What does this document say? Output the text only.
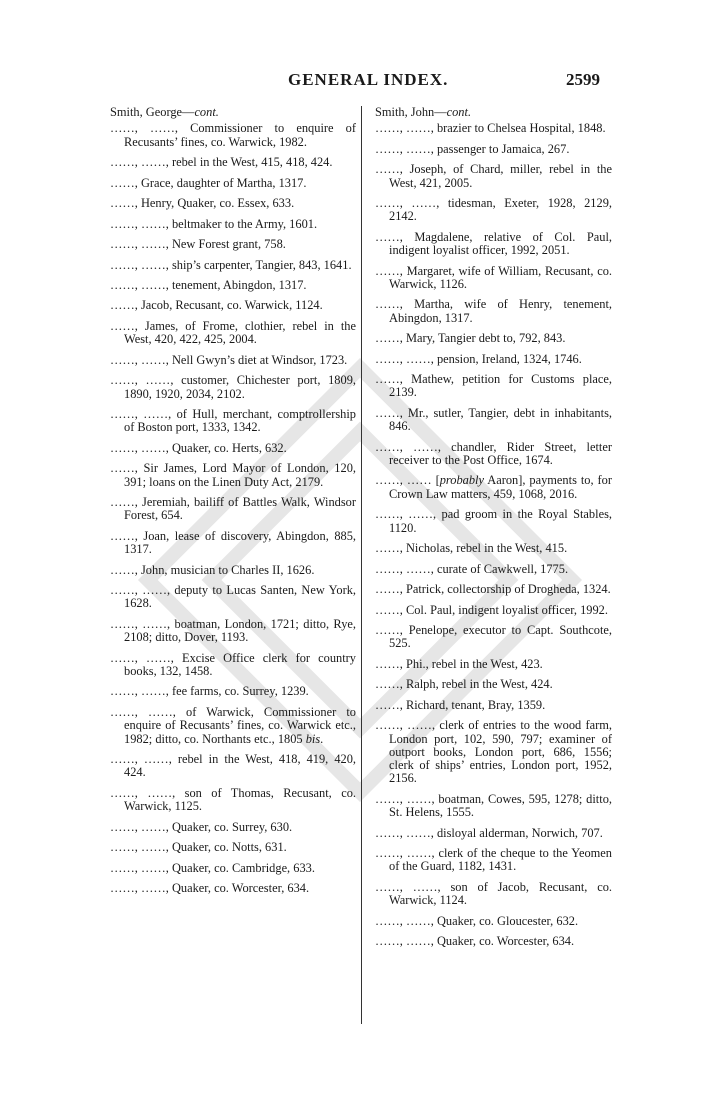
GENERAL INDEX.	2599
Smith, George—cont.

……, ……, Commissioner to enquire of Recusants’ fines, co. Warwick, 1982.

……, ……, rebel in the West, 415, 418, 424.

……, Grace, daughter of Martha, 1317.

……, Henry, Quaker, co. Essex, 633.

……, ……, beltmaker to the Army, 1601.

……, ……, New Forest grant, 758.

……, ……, ship’s carpenter, Tangier, 843, 1641.

……, ……, tenement, Abingdon, 1317.

……, Jacob, Recusant, co. Warwick, 1124.

……, James, of Frome, clothier, rebel in the West, 420, 422, 425, 2004.

……, ……, Nell Gwyn’s diet at Windsor, 1723.

……, ……, customer, Chichester port, 1809, 1890, 1920, 2034, 2102.

……, ……, of Hull, merchant, comptrollership of Boston port, 1333, 1342.

……, ……, Quaker, co. Herts, 632.

……, Sir James, Lord Mayor of London, 120, 391; loans on the Linen Duty Act, 2179.

……, Jeremiah, bailiff of Battles Walk, Windsor Forest, 654.

……, Joan, lease of discovery, Abingdon, 885, 1317.

……, John, musician to Charles II, 1626.

……, ……, deputy to Lucas Santen, New York, 1628.

……, ……, boatman, London, 1721; ditto, Rye, 2108; ditto, Dover, 1193.

……, ……, Excise Office clerk for country books, 132, 1458.

……, ……, fee farms, co. Surrey, 1239.

……, ……, of Warwick, Commissioner to enquire of Recusants’ fines, co. Warwick etc., 1982; ditto, co. Northants etc., 1805 bis.

……, ……, rebel in the West, 418, 419, 420, 424.

……, ……, son of Thomas, Recusant, co. Warwick, 1125.

……, ……, Quaker, co. Surrey, 630.

……, ……, Quaker, co. Notts, 631.

……, ……, Quaker, co. Cambridge, 633.

……, ……, Quaker, co. Worcester, 634.

Smith, John—cont.

……, ……, brazier to Chelsea Hospital, 1848.

……, ……, passenger to Jamaica, 267.

……, Joseph, of Chard, miller, rebel in the West, 421, 2005.

……, ……, tidesman, Exeter, 1928, 2129, 2142.

……, Magdalene, relative of Col. Paul, indigent loyalist officer, 1992, 2051.

……, Margaret, wife of William, Recusant, co. Warwick, 1126.

……, Martha, wife of Henry, tenement, Abingdon, 1317.

……, Mary, Tangier debt to, 792, 843.

……, ……, pension, Ireland, 1324, 1746.

……, Mathew, petition for Customs place, 2139.

……, Mr., sutler, Tangier, debt in inhabitants, 846.

……, ……, chandler, Rider Street, letter receiver to the Post Office, 1674.

……, …… [probably Aaron], payments to, for Crown Law matters, 459, 1068, 2016.

……, ……, pad groom in the Royal Stables, 1120.

……, Nicholas, rebel in the West, 415.

……, ……, curate of Cawkwell, 1775.

……, Patrick, collectorship of Drogheda, 1324.

……, Col. Paul, indigent loyalist officer, 1992.

……, Penelope, executor to Capt. Southcote, 525.

……, Phi., rebel in the West, 423.

……, Ralph, rebel in the West, 424.

……, Richard, tenant, Bray, 1359.

……, ……, clerk of entries to the wood farm, London port, 102, 590, 797; examiner of outport books, London port, 686, 1556; clerk of ships’ entries, London port, 1952, 2156.

……, ……, boatman, Cowes, 595, 1278; ditto, St. Helens, 1555.

……, ……, disloyal alderman, Norwich, 707.

……, ……, clerk of the cheque to the Yeomen of the Guard, 1182, 1431.

……, ……, son of Jacob, Recusant, co. Warwick, 1124.

……, ……, Quaker, co. Gloucester, 632.

……, ……, Quaker, co. Worcester, 634.
